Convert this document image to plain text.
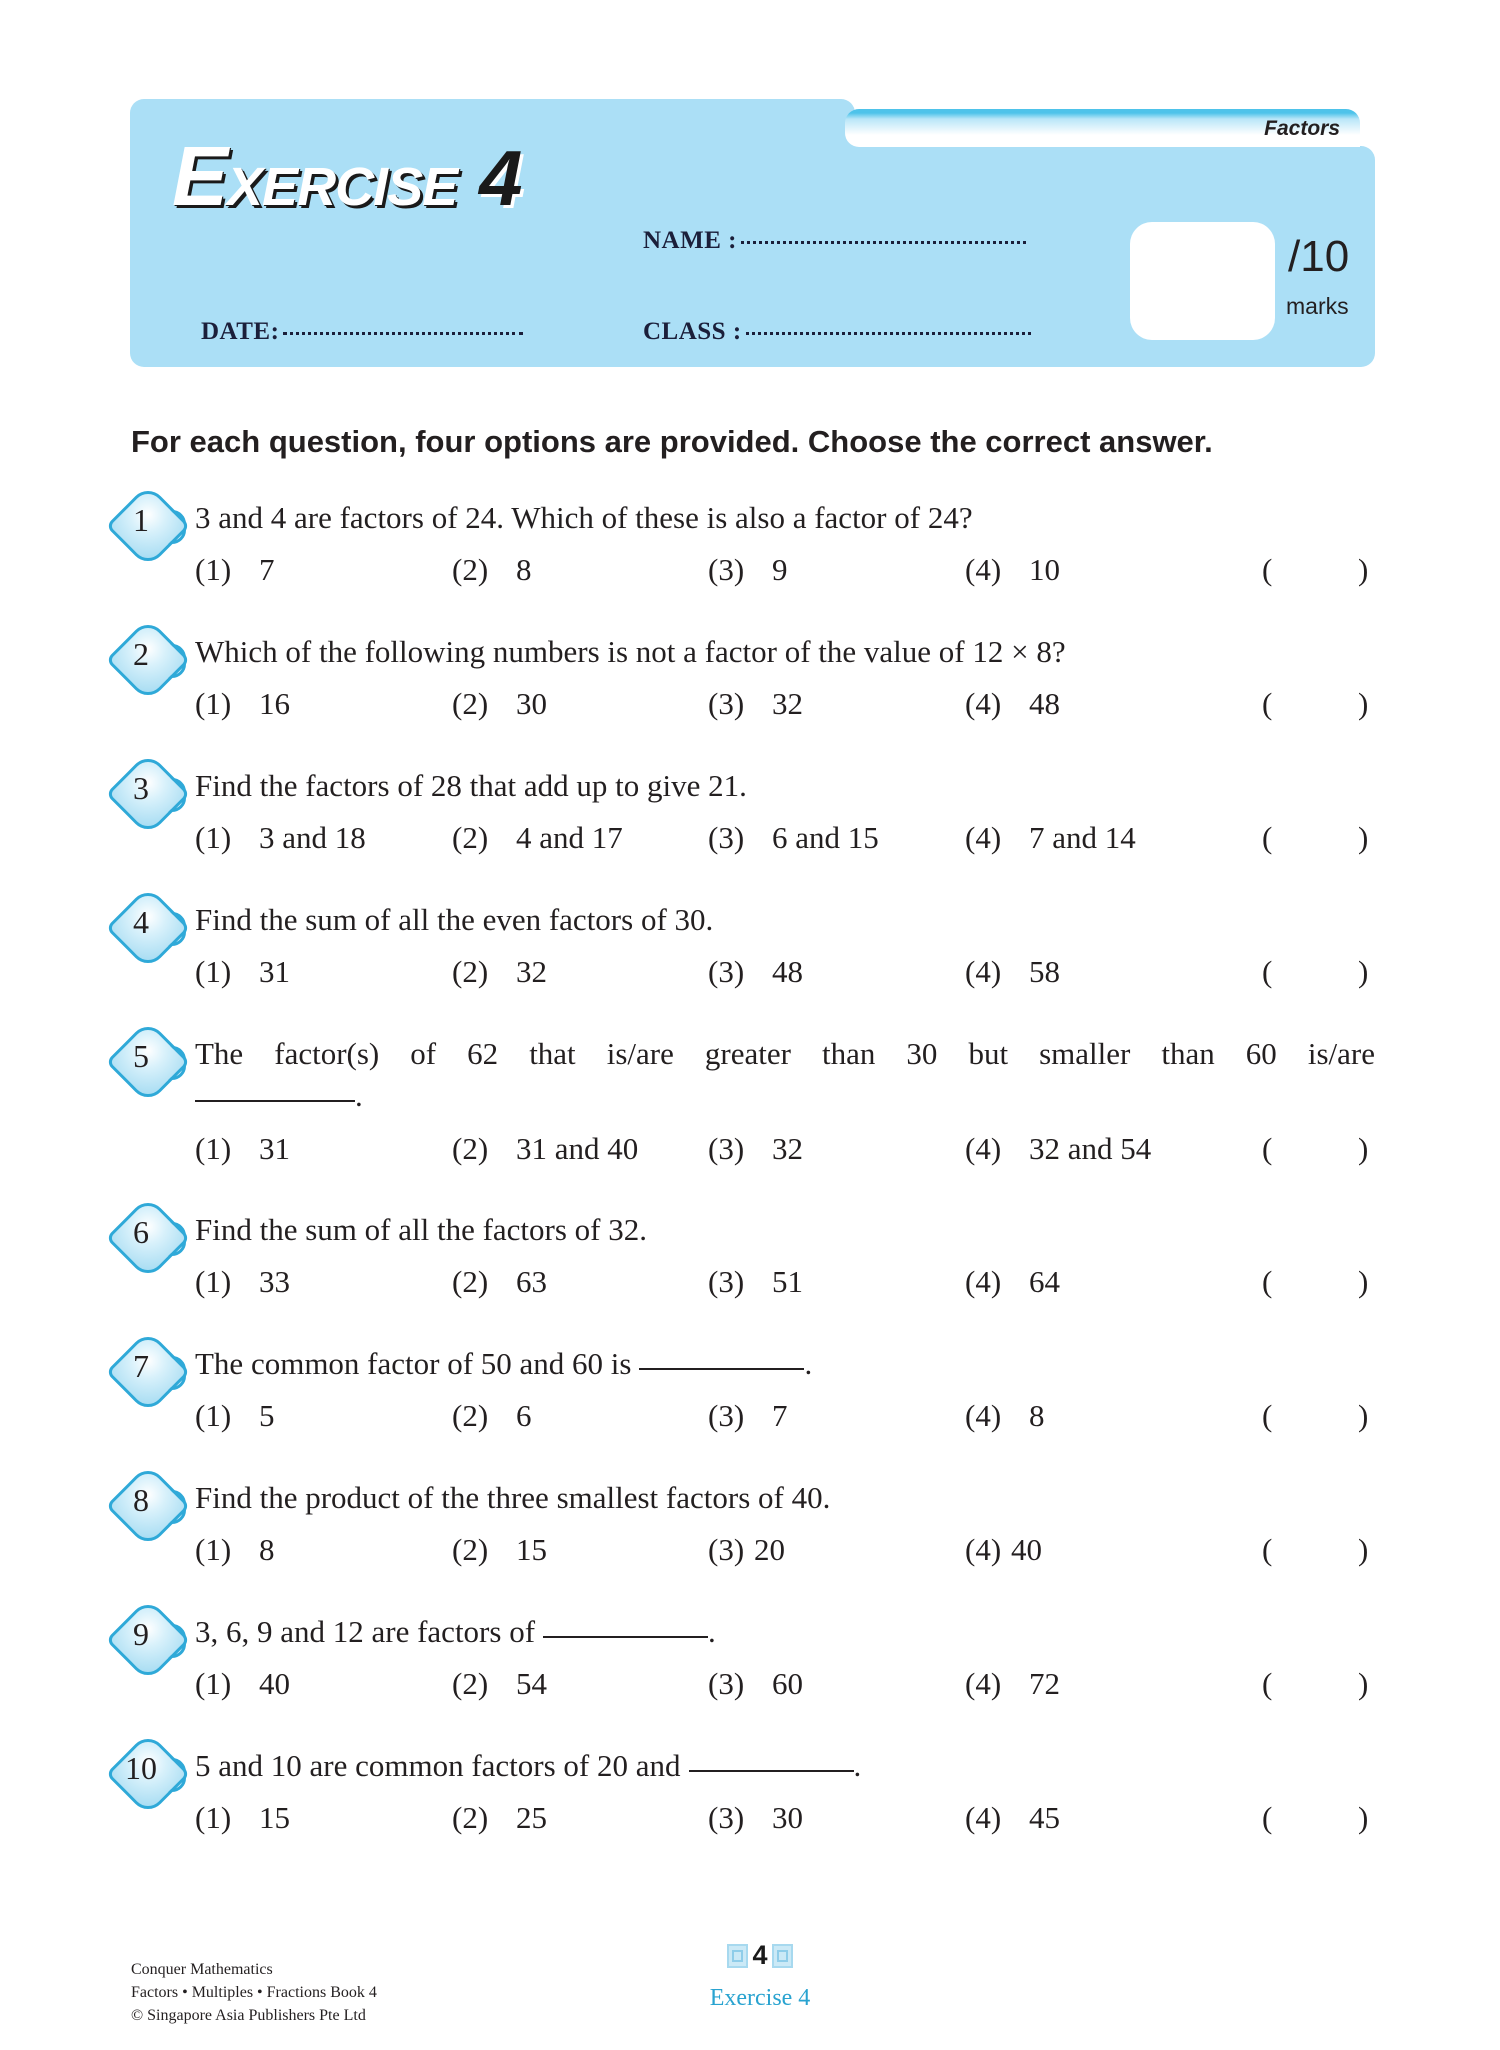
Factors
EXERCISE 4
NAME :
DATE:	CLASS :
/10
marks
For each question, four options are provided. Choose the correct answer.
1	3 and 4 are factors of 24. Which of these is also a factor of 24?
(1) 7	(2) 8	(3) 9	(4) 10	(	)
2	Which of the following numbers is not a factor of the value of 12 × 8?
(1) 16	(2) 30	(3) 32	(4) 48	(	)
3	Find the factors of 28 that add up to give 21.
(1) 3 and 18	(2) 4 and 17	(3) 6 and 15	(4) 7 and 14	(	)
4	Find the sum of all the even factors of 30.
(1) 31	(2) 32	(3) 48	(4) 58	(	)
5	The factor(s) of 62 that is/are greater than 30 but smaller than 60 is/are
.
(1) 31	(2) 31 and 40 (3) 32	(4) 32 and 54	(	)
6	Find the sum of all the factors of 32.
(1) 33	(2) 63	(3) 51	(4) 64	(	)
7	The common factor of 50 and 60 is	.
(1) 5	(2) 6	(3) 7	(4) 8	(	)
8	Find the product of the three smallest factors of 40.
(1) 8	(2) 15	(3) 20	(4) 40	(	)
9	3, 6, 9 and 12 are factors of	.
(1) 40	(2) 54	(3) 60	(4) 72	(	)
10	5 and 10 are common factors of 20 and	.
(1) 15	(2) 25	(3) 30	(4) 45	(	)
Conquer Mathematics
Factors • Multiples • Fractions Book 4
© Singapore Asia Publishers Pte Ltd
4
Exercise 4
